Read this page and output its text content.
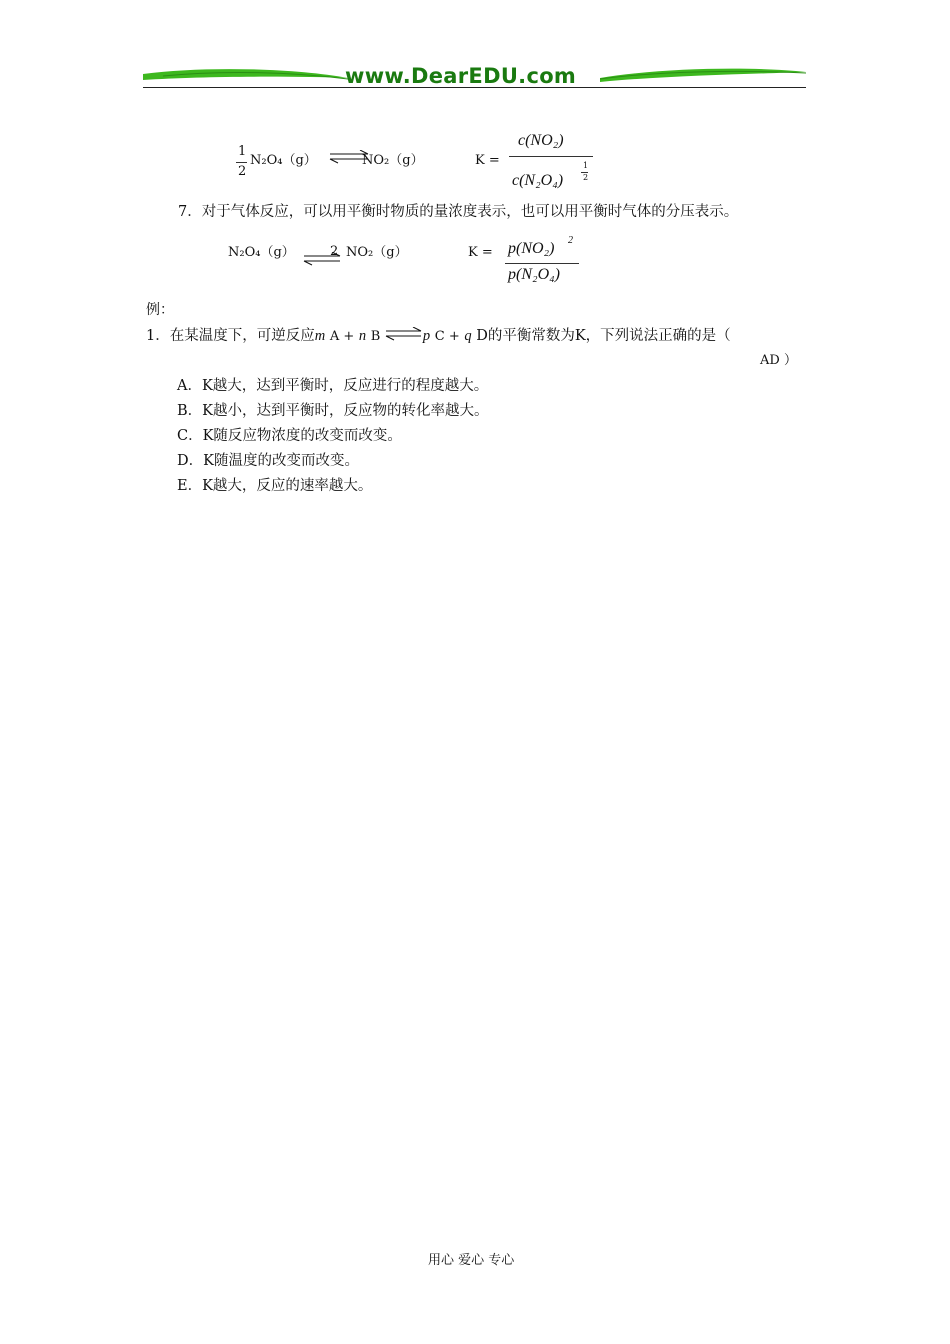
www.DearEDU.com
1
2
N₂O₄（g）	NO₂（g）	K =
c(NO₂)
c(N₂O₄)
1
2
7．对于气体反应，可以用平衡时物质的量浓度表示，也可以用平衡时气体的分压表示。
N₂O₄（g）	2 NO₂（g）	K = p(NO₂) 2
p(N₂O₄)
例：
1．在某温度下，可逆反应m A + n B	p C + q D的平衡常数为K，下列说法正确的是（
AD ）
A．K越大，达到平衡时，反应进行的程度越大。
B．K越小，达到平衡时，反应物的转化率越大。
C．K随反应物浓度的改变而改变。
D．K随温度的改变而改变。
E．K越大，反应的速率越大。
用心 爱心 专心
